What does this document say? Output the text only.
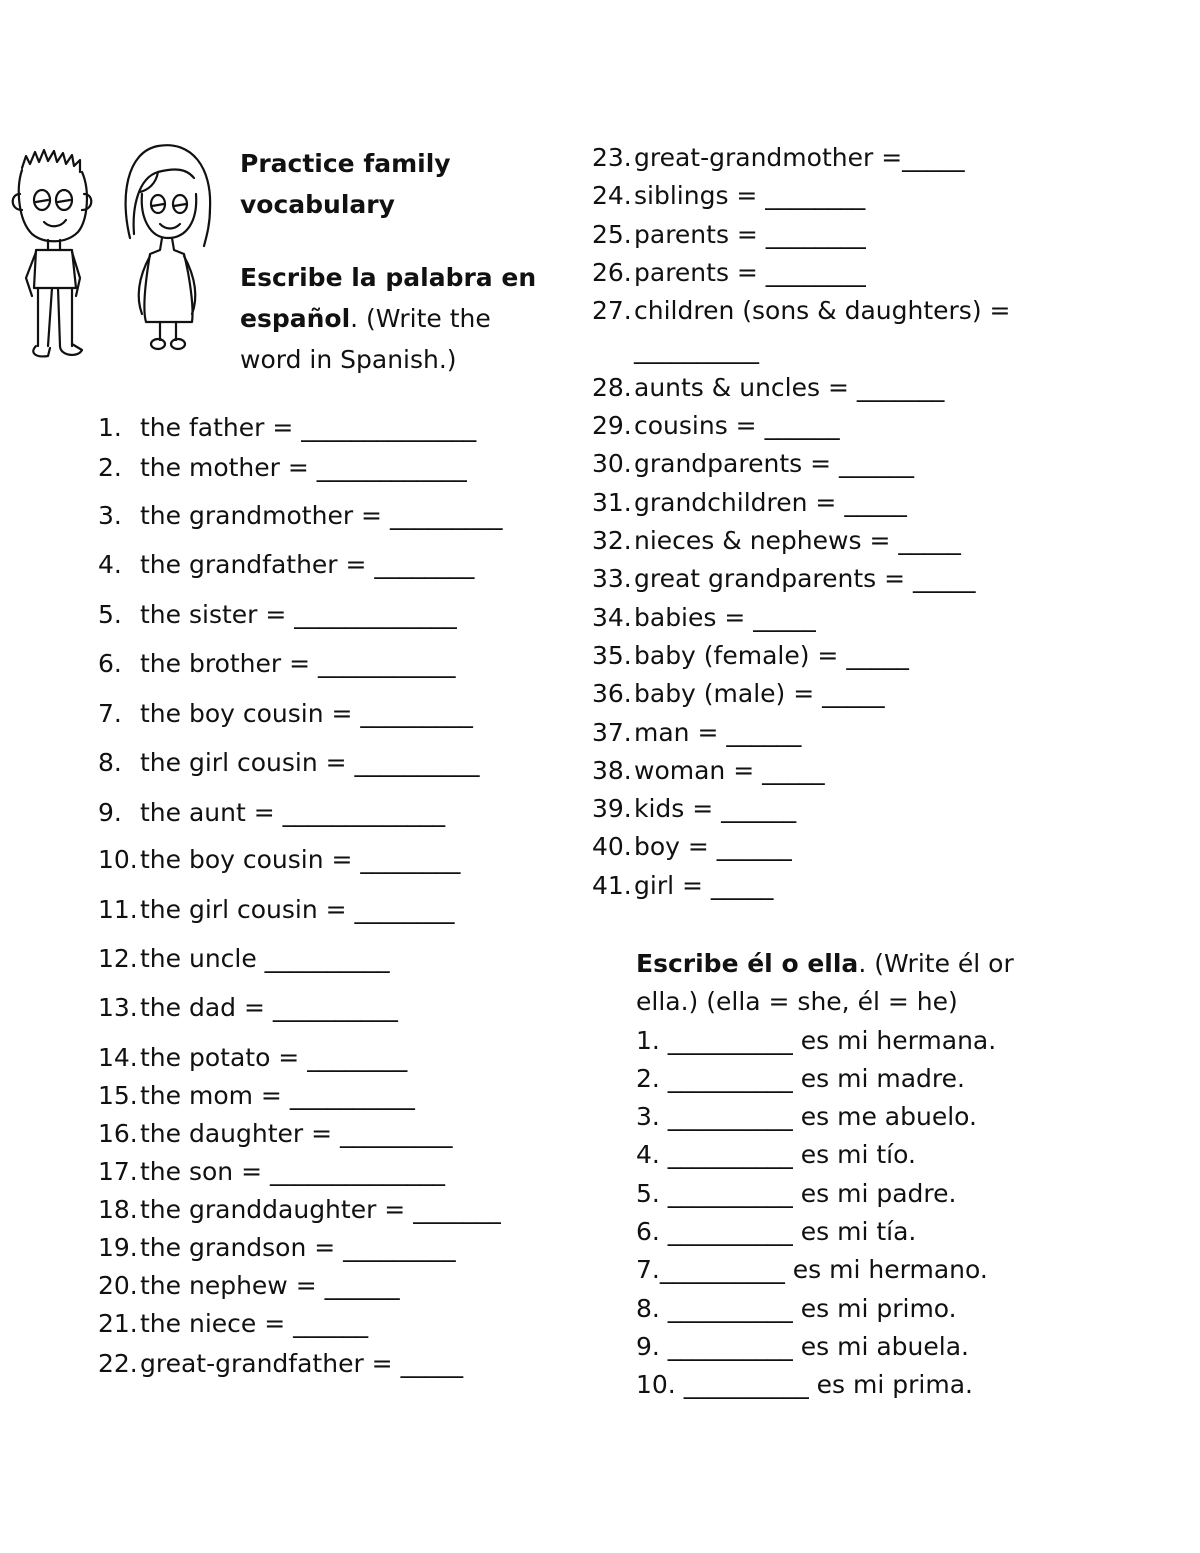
Practice family

vocabulary

Escribe la palabra en

español. (Write the

word in Spanish.)

1. the father = ______________
2. the mother = ____________
3. the grandmother = _________
4. the grandfather = ________
5. the sister = _____________
6. the brother = ___________
7. the boy cousin = _________
8. the girl cousin = __________
9. the aunt = _____________
10. the boy cousin = ________
11. the girl cousin = ________
12. the uncle __________
13. the dad = __________
14. the potato = ________
15. the mom = __________
16. the daughter = _________
17. the son = ______________
18. the granddaughter = _______
19. the grandson = _________
20. the nephew = ______
21. the niece = ______
22. great-grandfather = _____
23. great-grandmother =_____
24. siblings = ________
25. parents = ________
26. parents = ________
27. children (sons & daughters) =
__________
28. aunts & uncles = _______
29. cousins = ______
30. grandparents = ______
31. grandchildren = _____
32. nieces & nephews = _____
33. great grandparents = _____
34. babies = _____
35. baby (female) = _____
36. baby (male) = _____
37. man = ______
38. woman = _____
39. kids = ______
40. boy = ______
41. girl = _____
Escribe él o ella. (Write él or
ella.) (ella = she, él = he)
1. __________ es mi hermana.
2. __________ es mi madre.
3. __________ es me abuelo.
4. __________ es mi tío.
5. __________ es mi padre.
6. __________ es mi tía.
7.__________ es mi hermano.
8. __________ es mi primo.
9. __________ es mi abuela.
10. __________ es mi prima.
